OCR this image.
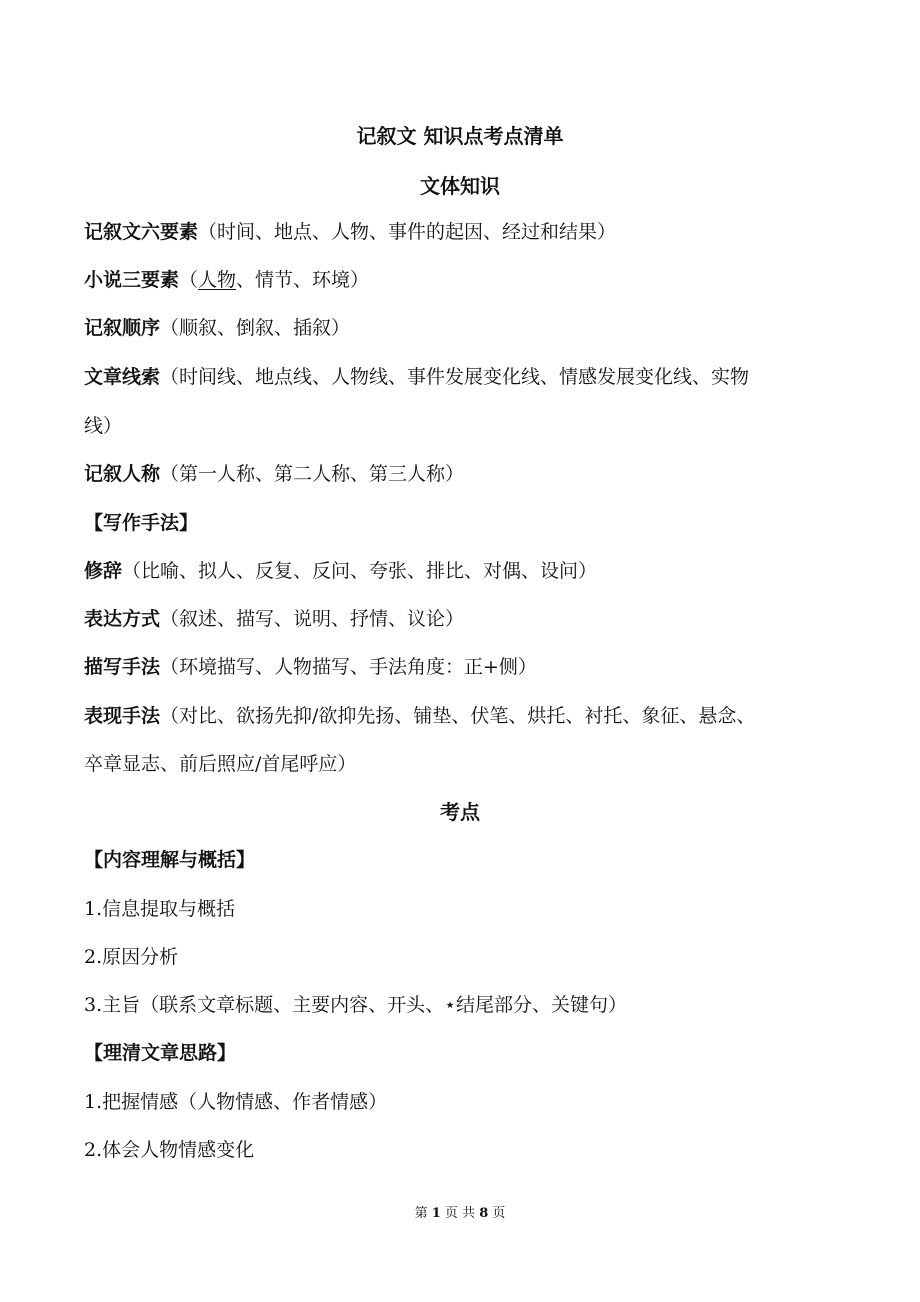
记叙文 知识点考点清单
文体知识
记叙文六要素（时间、地点、人物、事件的起因、经过和结果）
小说三要素（人物、情节、环境）
记叙顺序（顺叙、倒叙、插叙）
文章线索（时间线、地点线、人物线、事件发展变化线、情感发展变化线、实物
线）
记叙人称（第一人称、第二人称、第三人称）
【写作手法】
修辞（比喻、拟人、反复、反问、夸张、排比、对偶、设问）
表达方式（叙述、描写、说明、抒情、议论）
描写手法（环境描写、人物描写、手法角度：正+侧）
表现手法（对比、欲扬先抑/欲抑先扬、铺垫、伏笔、烘托、衬托、象征、悬念、
卒章显志、前后照应/首尾呼应）
考点
【内容理解与概括】
1.信息提取与概括
2.原因分析
3.主旨（联系文章标题、主要内容、开头、⋆结尾部分、关键句）
【理清文章思路】
1.把握情感（人物情感、作者情感）
2.体会人物情感变化
第 1 页 共 8 页
